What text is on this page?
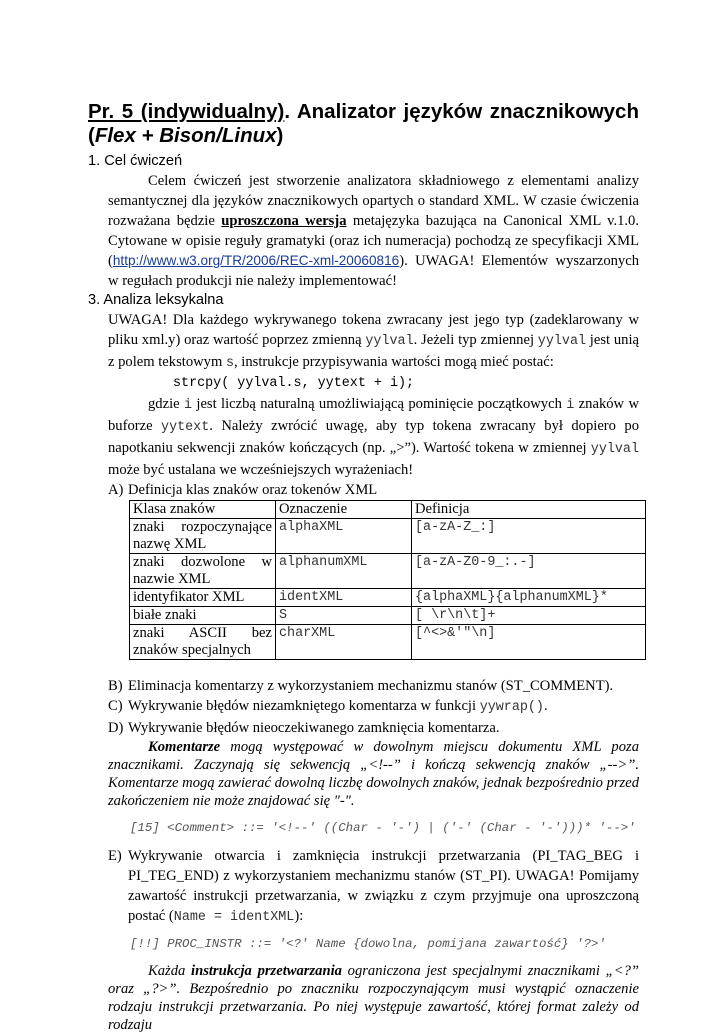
Pr. 5 (indywidualny). Analizator języków znacznikowych

(Flex + Bison/Linux)

1. Cel ćwiczeń

Celem ćwiczeń jest stworzenie analizatora składniowego z elementami analizy semantycznej dla języków znacznikowych opartych o standard XML. W czasie ćwiczenia rozważana będzie uproszczona wersja metajęzyka bazująca na Canonical XML v.1.0. Cytowane w opisie reguły gramatyki (oraz ich numeracja) pochodzą ze specyfikacji XML (http://www.w3.org/TR/2006/REC-xml-20060816). UWAGA! Elementów wyszarzonych w regułach produkcji nie należy implementować!

3. Analiza leksykalna

UWAGA! Dla każdego wykrywanego tokena zwracany jest jego typ (zadeklarowany w pliku xml.y) oraz wartość poprzez zmienną yylval. Jeżeli typ zmiennej yylval jest unią z polem tekstowym s, instrukcje przypisywania wartości mogą mieć postać:

strcpy( yylval.s, yytext + i);

gdzie i jest liczbą naturalną umożliwiającą pominięcie początkowych i znaków w buforze yytext. Należy zwrócić uwagę, aby typ tokena zwracany był dopiero po napotkaniu sekwencji znaków kończących (np. „>”). Wartość tokena w zmiennej yylval może być ustalana we wcześniejszych wyrażeniach!

A) Definicja klas znaków oraz tokenów XML
Klasa znaków	Oznaczenie	Definicja

znaki rozpoczynające
nazwę XML	alphaXML	[a-zA-Z_:]

znaki dozwolone w
nazwie XML	alphanumXML	[a-zA-Z0-9_:.-]
identyfikator XML	identXML	{alphaXML}{alphanumXML}*
białe znaki	S	[ \r\n\t]+

znaki ASCII bez
znaków specjalnych	charXML	[^<>&'"\n]
B) Eliminacja komentarzy z wykorzystaniem mechanizmu stanów (ST_COMMENT).
C) Wykrywanie błędów niezamkniętego komentarza w funkcji yywrap().
D) Wykrywanie błędów nieoczekiwanego zamknięcia komentarza.

Komentarze mogą występować w dowolnym miejscu dokumentu XML poza znacznikami. Zaczynają się sekwencją „<!--” i kończą sekwencją znaków „-->”. Komentarze mogą zawierać dowolną liczbę dowolnych znaków, jednak bezpośrednio przed zakończeniem nie może znajdować się "-".

[15] <Comment> ::= '<!--' ((Char - '-') | ('-' (Char - '-')))* '-->'

E) Wykrywanie otwarcia i zamknięcia instrukcji przetwarzania (PI_TAG_BEG i PI_TEG_END) z wykorzystaniem mechanizmu stanów (ST_PI). UWAGA! Pomijamy zawartość instrukcji przetwarzania, w związku z czym przyjmuje ona uproszczoną postać (Name = identXML):

[!!] PROC_INSTR ::= '<?' Name {dowolna, pomijana zawartość} '?>'

Każda instrukcja przetwarzania ograniczona jest specjalnymi znacznikami „<?” oraz „?>”. Bezpośrednio po znaczniku rozpoczynającym musi wystąpić oznaczenie rodzaju instrukcji przetwarzania. Po niej występuje zawartość, której format zależy od rodzaju
